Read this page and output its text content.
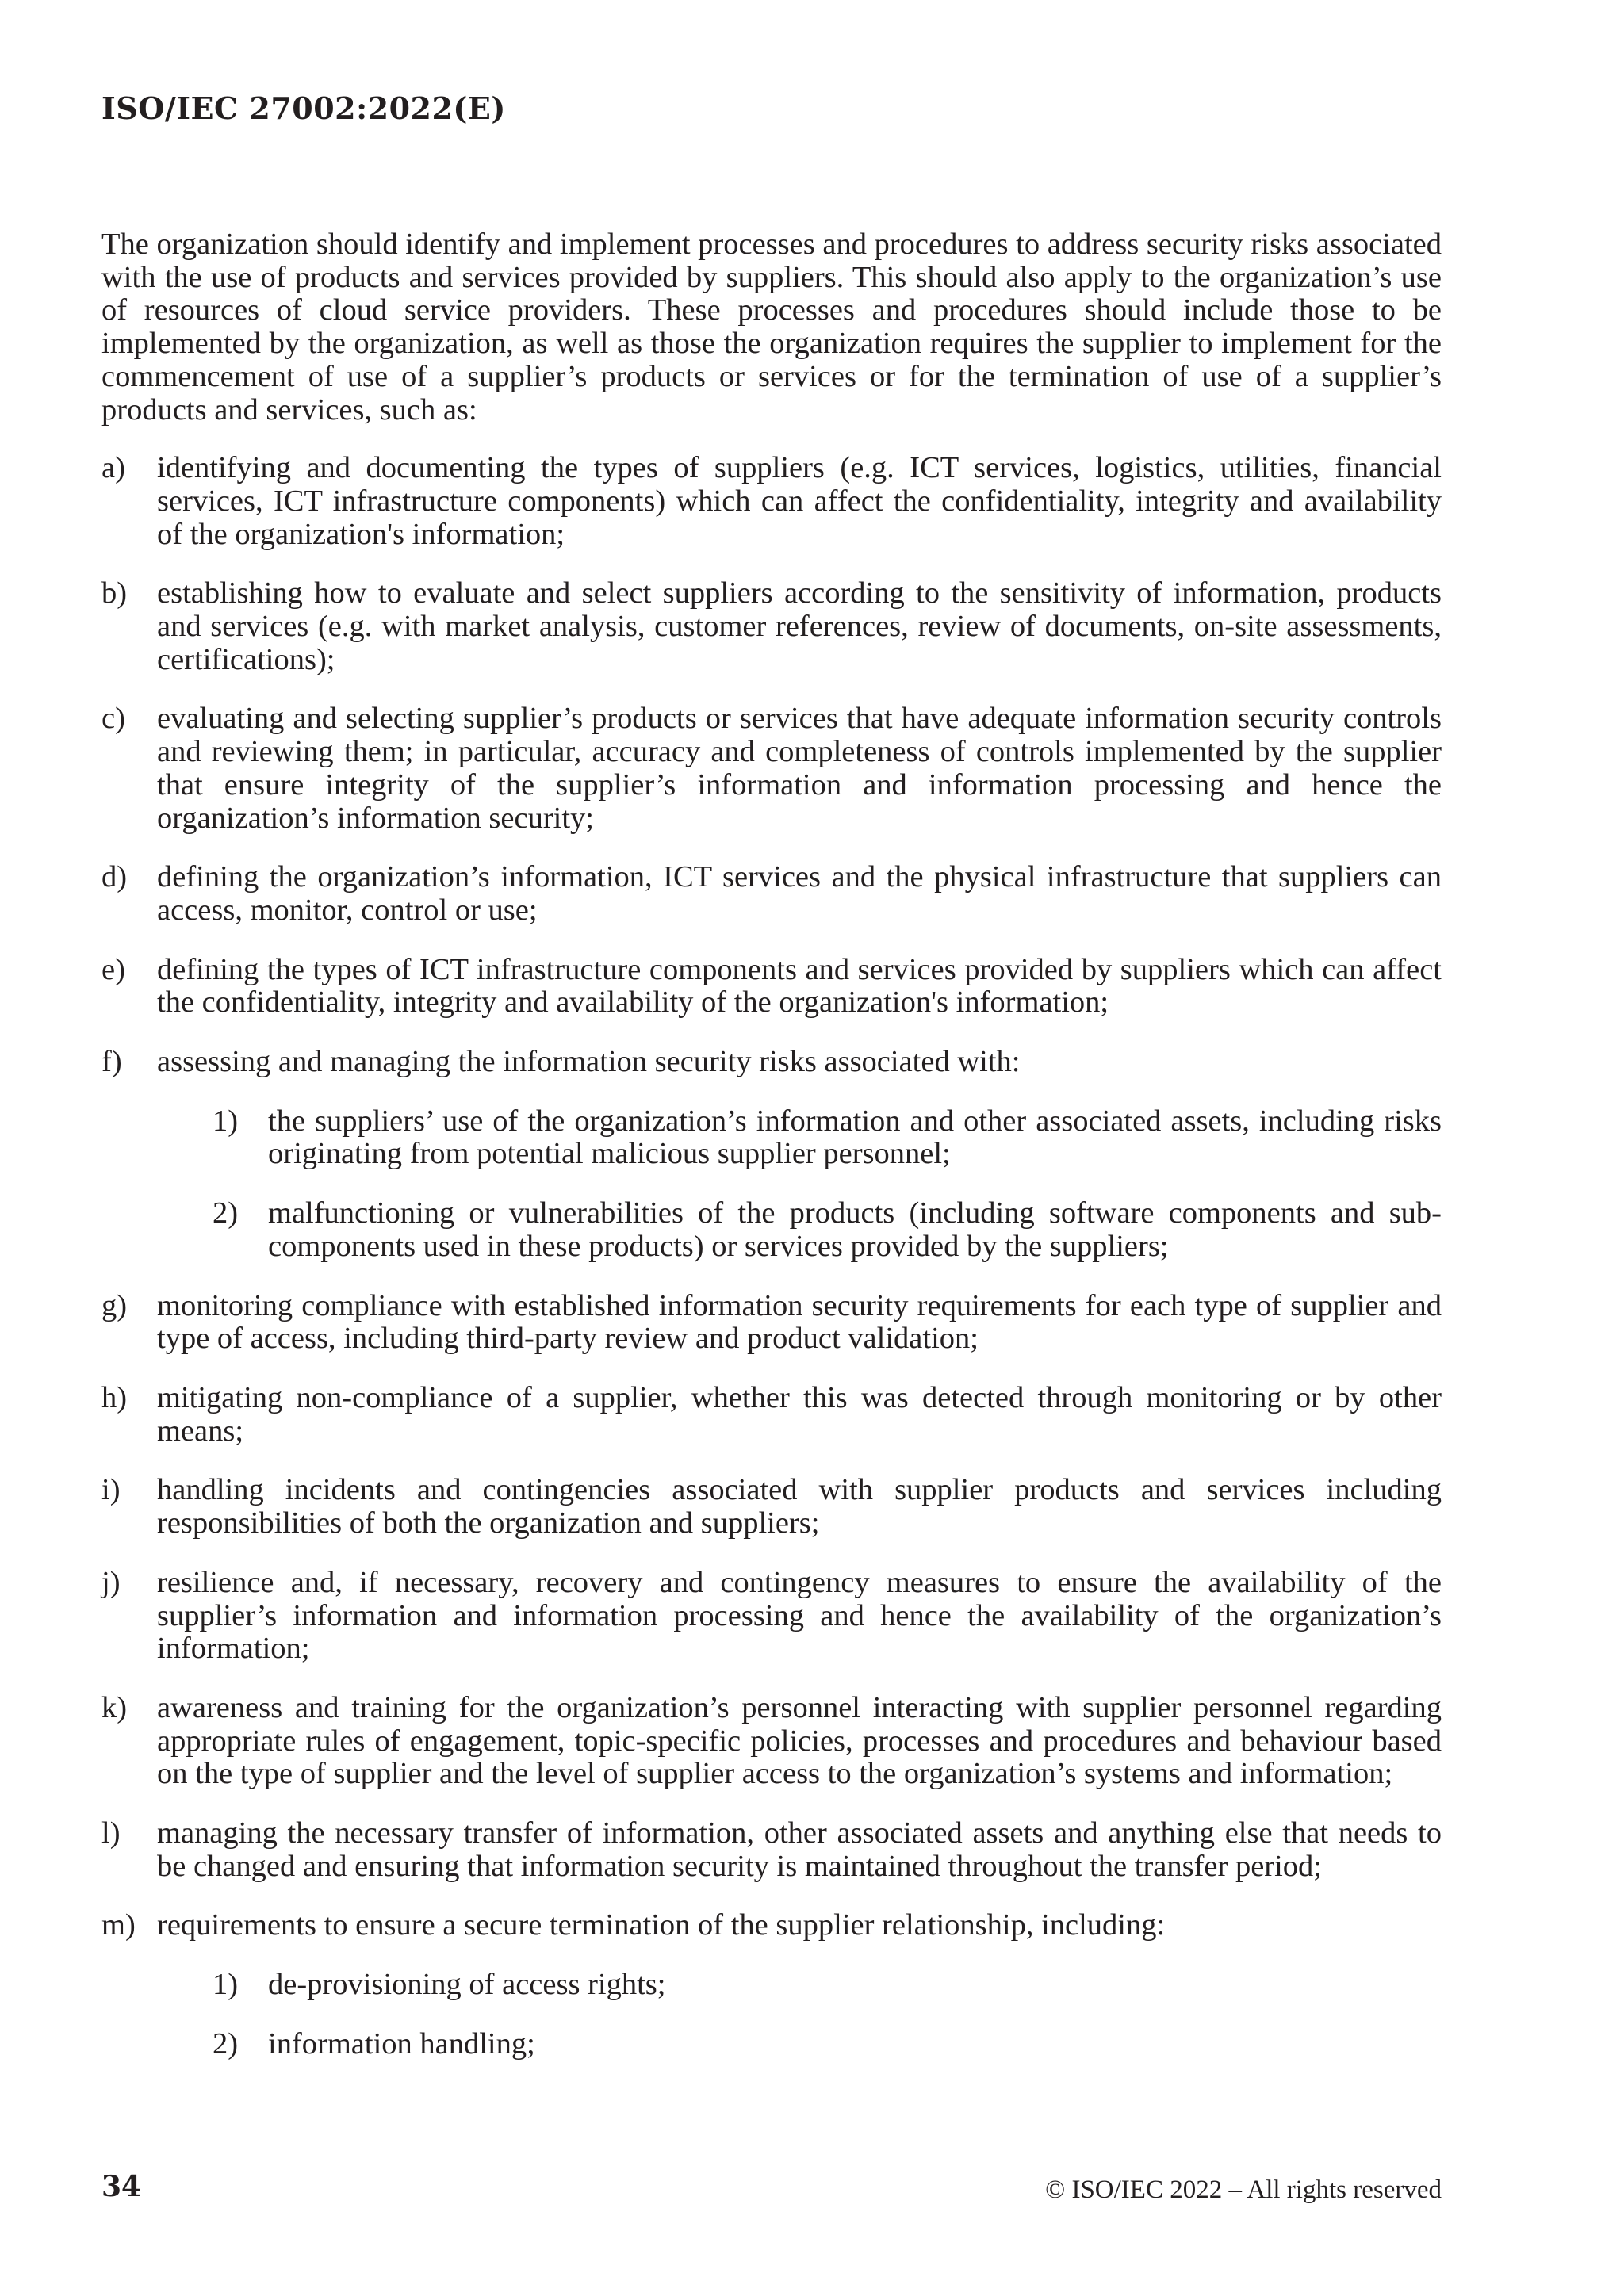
ISO/IEC 27002:2022(E)

The organization should identify and implement processes and procedures to address security risks associated with the use of products and services provided by suppliers. This should also apply to the organization’s use of resources of cloud service providers. These processes and procedures should include those to be implemented by the organization, as well as those the organization requires the supplier to implement for the commencement of use of a supplier’s products or services or for the termination of use of a supplier’s products and services, such as:

a) identifying and documenting the types of suppliers (e.g. ICT services, logistics, utilities, financial services, ICT infrastructure components) which can affect the confidentiality, integrity and availability of the organization's information;
b) establishing how to evaluate and select suppliers according to the sensitivity of information, products and services (e.g. with market analysis, customer references, review of documents, on-site assessments, certifications);
c) evaluating and selecting supplier’s products or services that have adequate information security controls and reviewing them; in particular, accuracy and completeness of controls implemented by the supplier that ensure integrity of the supplier’s information and information processing and hence the organization’s information security;
d) defining the organization’s information, ICT services and the physical infrastructure that suppliers can access, monitor, control or use;
e) defining the types of ICT infrastructure components and services provided by suppliers which can affect the confidentiality, integrity and availability of the organization's information;
f) assessing and managing the information security risks associated with:
1) the suppliers’ use of the organization’s information and other associated assets, including risks originating from potential malicious supplier personnel;
2) malfunctioning or vulnerabilities of the products (including software components and sub-components used in these products) or services provided by the suppliers;
g) monitoring compliance with established information security requirements for each type of supplier and type of access, including third-party review and product validation;
h) mitigating non-compliance of a supplier, whether this was detected through monitoring or by other means;
i) handling incidents and contingencies associated with supplier products and services including responsibilities of both the organization and suppliers;
j) resilience and, if necessary, recovery and contingency measures to ensure the availability of the supplier’s information and information processing and hence the availability of the organization’s information;
k) awareness and training for the organization’s personnel interacting with supplier personnel regarding appropriate rules of engagement, topic-specific policies, processes and procedures and behaviour based on the type of supplier and the level of supplier access to the organization’s systems and information;
l) managing the necessary transfer of information, other associated assets and anything else that needs to be changed and ensuring that information security is maintained throughout the transfer period;
m) requirements to ensure a secure termination of the supplier relationship, including:
1) de-provisioning of access rights;
2) information handling;
34	© ISO/IEC 2022 – All rights reserved
